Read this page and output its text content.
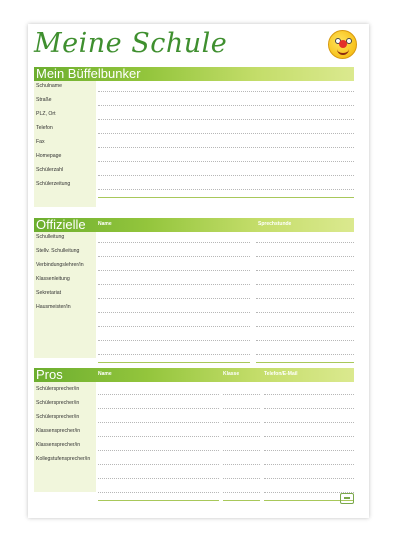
Meine Schule
Mein Büffelbunker
Schulname
Straße
PLZ, Ort
Telefon
Fax
Homepage
Schülerzahl
Schülerzeitung
Offizielle Name	Sprechstunde
Schulleitung
Stellv. Schulleitung
Verbindungslehrer/in
Klassenleitung
Sekretariat
Hausmeister/in
Pros	Name	Klasse	Telefon/E-Mail
Schülersprecher/in
Schülersprecher/in
Schülersprecher/in
Klassensprecher/in
Klassensprecher/in
Kollegstufensprecher/in
